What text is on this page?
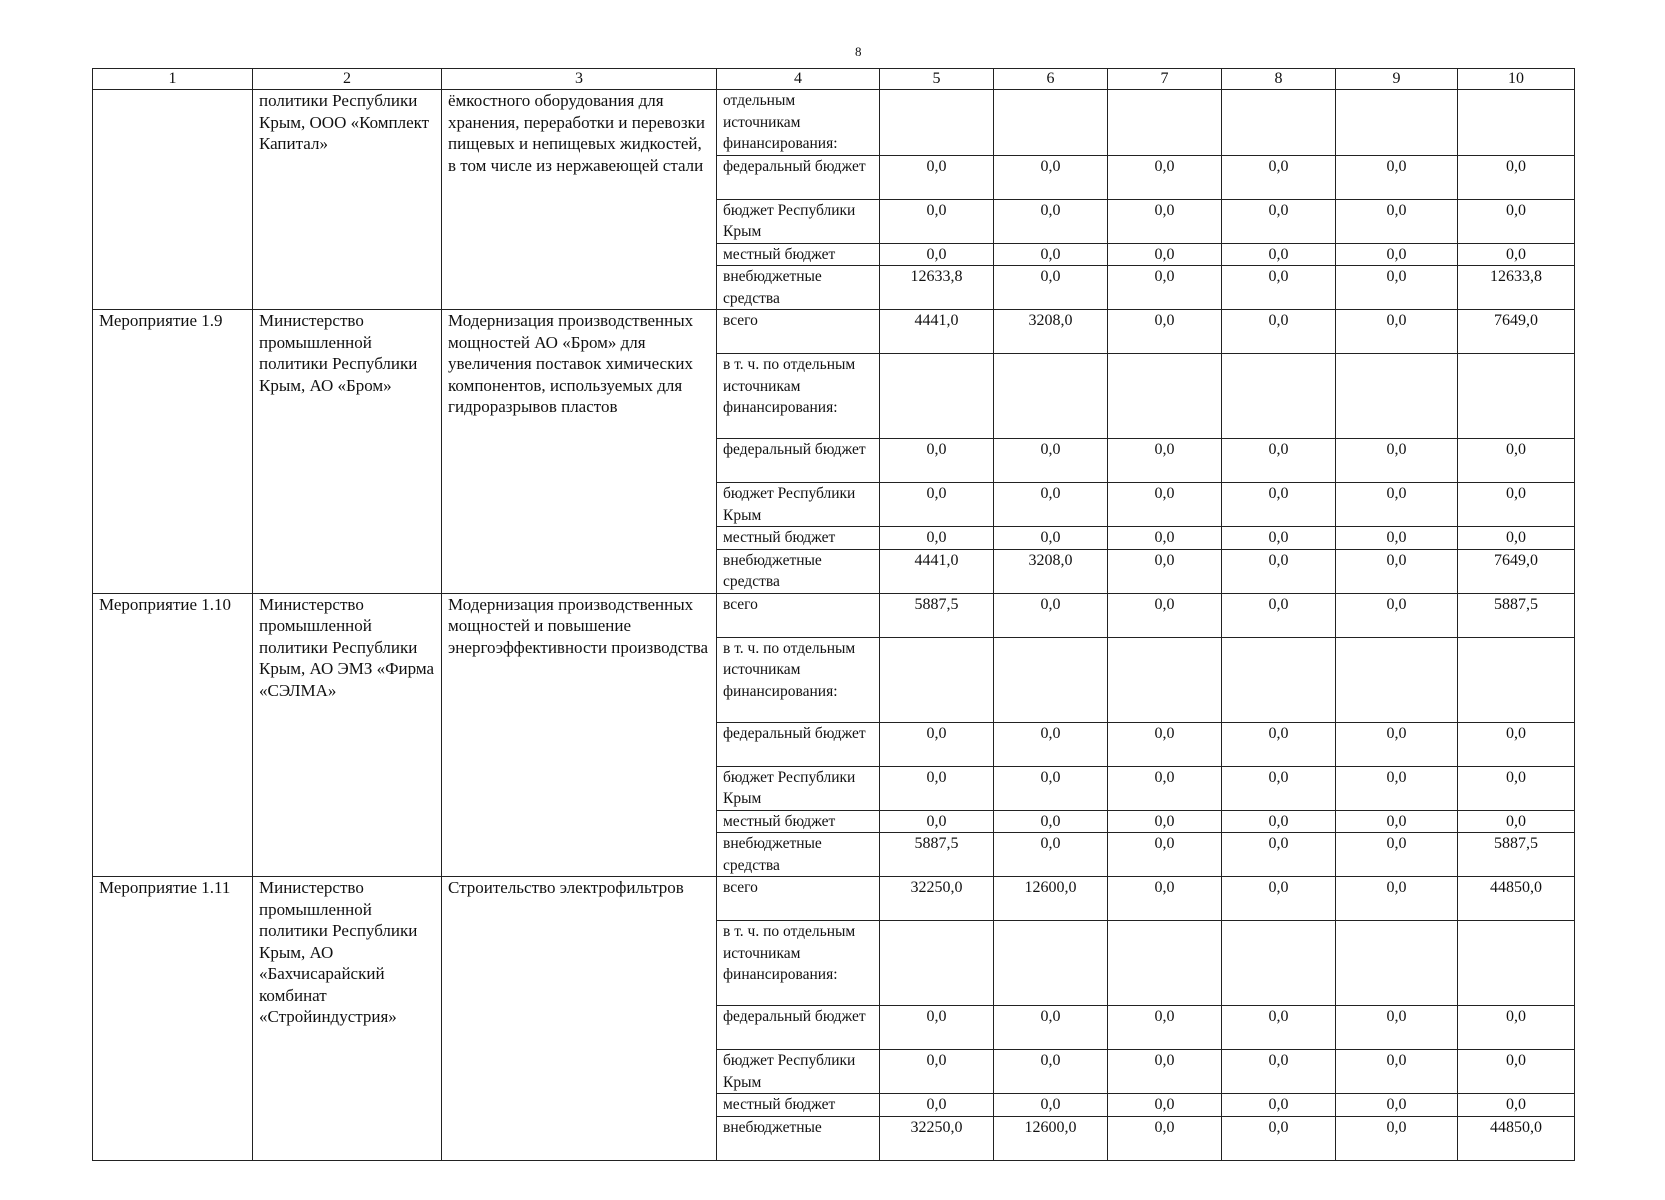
8
1	2	3	4	5	6	7	8	9	10
	политики Республики Крым, ООО «Комплект Капитал»	ёмкостного оборудования для хранения, переработки и перевозки пищевых и непищевых жидкостей, в том числе из нержавеющей стали	отдельным источникам финансирования:						
			федеральный бюджет	0,0	0,0	0,0	0,0	0,0	0,0
			бюджет Республики Крым	0,0	0,0	0,0	0,0	0,0	0,0
			местный бюджет	0,0	0,0	0,0	0,0	0,0	0,0
			внебюджетные средства	12633,8	0,0	0,0	0,0	0,0	12633,8
Мероприятие 1.9	Министерство промышленной политики Республики Крым, АО «Бром»	Модернизация производственных мощностей АО «Бром» для увеличения поставок химических компонентов, используемых для гидроразрывов пластов	всего	4441,0	3208,0	0,0	0,0	0,0	7649,0
			в т. ч. по отдельным источникам финансирования:						
			федеральный бюджет	0,0	0,0	0,0	0,0	0,0	0,0
			бюджет Республики Крым	0,0	0,0	0,0	0,0	0,0	0,0
			местный бюджет	0,0	0,0	0,0	0,0	0,0	0,0
			внебюджетные средства	4441,0	3208,0	0,0	0,0	0,0	7649,0
Мероприятие 1.10	Министерство промышленной политики Республики Крым, АО ЭМЗ «Фирма «СЭЛМА»	Модернизация производственных мощностей и повышение энергоэффективности производства	всего	5887,5	0,0	0,0	0,0	0,0	5887,5
			в т. ч. по отдельным источникам финансирования:						
			федеральный бюджет	0,0	0,0	0,0	0,0	0,0	0,0
			бюджет Республики Крым	0,0	0,0	0,0	0,0	0,0	0,0
			местный бюджет	0,0	0,0	0,0	0,0	0,0	0,0
			внебюджетные средства	5887,5	0,0	0,0	0,0	0,0	5887,5
Мероприятие 1.11	Министерство промышленной политики Республики Крым, АО «Бахчисарайский комбинат «Стройиндустрия»	Строительство электрофильтров	всего	32250,0	12600,0	0,0	0,0	0,0	44850,0
			в т. ч. по отдельным источникам финансирования:						
			федеральный бюджет	0,0	0,0	0,0	0,0	0,0	0,0
			бюджет Республики Крым	0,0	0,0	0,0	0,0	0,0	0,0
			местный бюджет	0,0	0,0	0,0	0,0	0,0	0,0
			внебюджетные	32250,0	12600,0	0,0	0,0	0,0	44850,0
